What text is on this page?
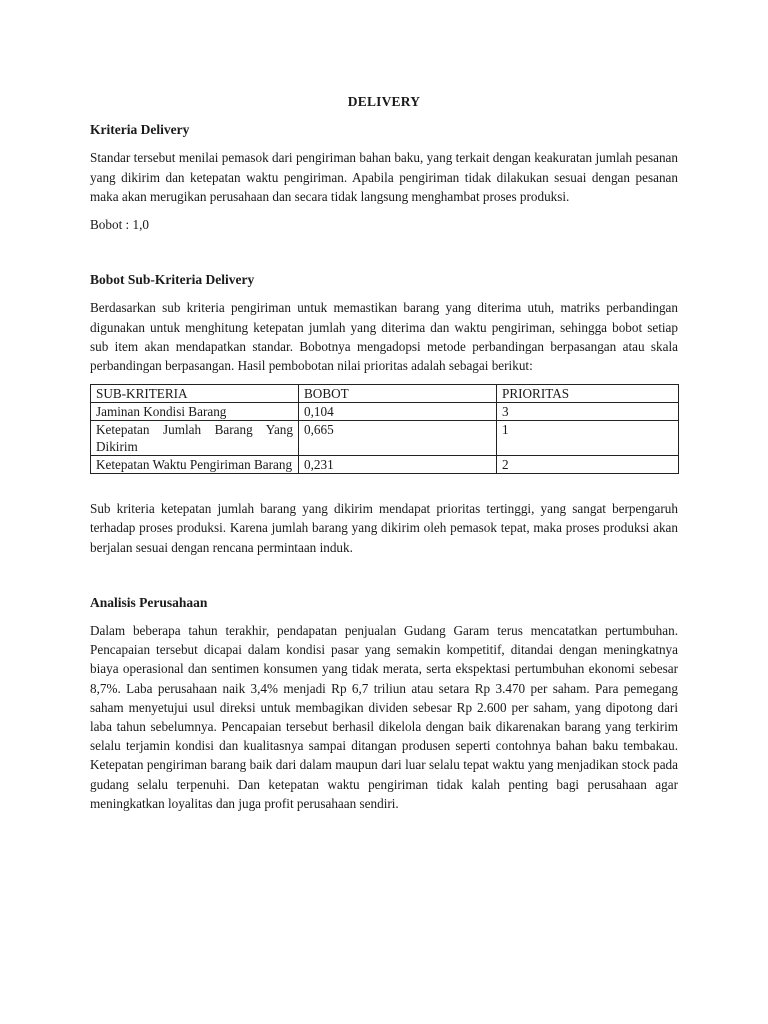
DELIVERY
Kriteria Delivery

Standar tersebut menilai pemasok dari pengiriman bahan baku, yang terkait dengan keakuratan jumlah pesanan yang dikirim dan ketepatan waktu pengiriman. Apabila pengiriman tidak dilakukan sesuai dengan pesanan maka akan merugikan perusahaan dan secara tidak langsung menghambat proses produksi.

Bobot : 1,0

Bobot Sub-Kriteria Delivery

Berdasarkan sub kriteria pengiriman untuk memastikan barang yang diterima utuh, matriks perbandingan digunakan untuk menghitung ketepatan jumlah yang diterima dan waktu pengiriman, sehingga bobot setiap sub item akan mendapatkan standar. Bobotnya mengadopsi metode perbandingan berpasangan atau skala perbandingan berpasangan. Hasil pembobotan nilai prioritas adalah sebagai berikut:

SUB-KRITERIA	BOBOT	PRIORITAS
Jaminan Kondisi Barang	0,104	3
Ketepatan Jumlah Barang Yang Dikirim	0,665	1
Ketepatan Waktu Pengiriman Barang	0,231	2

Sub kriteria ketepatan jumlah barang yang dikirim mendapat prioritas tertinggi, yang sangat berpengaruh terhadap proses produksi. Karena jumlah barang yang dikirim oleh pemasok tepat, maka proses produksi akan berjalan sesuai dengan rencana permintaan induk.

Analisis Perusahaan

Dalam beberapa tahun terakhir, pendapatan penjualan Gudang Garam terus mencatatkan pertumbuhan. Pencapaian tersebut dicapai dalam kondisi pasar yang semakin kompetitif, ditandai dengan meningkatnya biaya operasional dan sentimen konsumen yang tidak merata, serta ekspektasi pertumbuhan ekonomi sebesar 8,7%. Laba perusahaan naik 3,4% menjadi Rp 6,7 triliun atau setara Rp 3.470 per saham. Para pemegang saham menyetujui usul direksi untuk membagikan dividen sebesar Rp 2.600 per saham, yang dipotong dari laba tahun sebelumnya. Pencapaian tersebut berhasil dikelola dengan baik dikarenakan barang yang terkirim selalu terjamin kondisi dan kualitasnya sampai ditangan produsen seperti contohnya bahan baku tembakau. Ketepatan pengiriman barang baik dari dalam maupun dari luar selalu tepat waktu yang menjadikan stock pada gudang selalu terpenuhi. Dan ketepatan waktu pengiriman tidak kalah penting bagi perusahaan agar meningkatkan loyalitas dan juga profit perusahaan sendiri.
